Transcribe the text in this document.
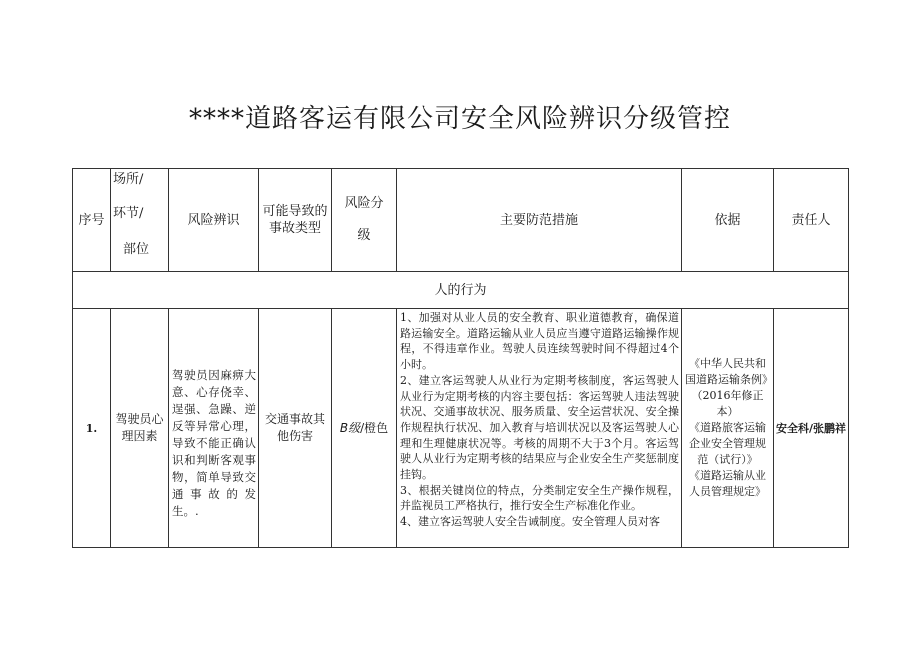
****道路客运有限公司安全风险辨识分级管控
序号
场所/
环节/
部位
风险辨识
可能导致的
事故类型
风险分
级
主要防范措施	依据	责任人
人的行为
1.
驾驶员心理因素
驾驶员因麻痹大意、心存侥幸、逞强、急躁、逆反等异常心理，导致不能正确认识和判断客观事物，简单导致交通事故的发生。.
交通事故其他伤害
B级 /橙色
1、加强对从业人员的安全教育、职业道德教育，确保道路运输安全。道路运输从业人员应当遵守道路运输操作规程，不得违章作业。驾驶人员连续驾驶时间不得超过4个小时。
2、建立客运驾驶人从业行为定期考核制度，客运驾驶人从业行为定期考核的内容主要包括：客运驾驶人违法驾驶状况、交通事故状况、服务质量、安全运营状况、安全操作规程执行状况、加入教育与培训状况以及客运驾驶人心理和生理健康状况等。考核的周期不大于3个月。客运驾驶人从业行为定期考核的结果应与企业安全生产奖惩制度挂钩。
3、根据关键岗位的特点，分类制定安全生产操作规程，并监视员工严格执行，推行安全生产标准化作业。
4、建立客运驾驶人安全告诫制度。安全管理人员对客
《中华人民共和国道路运输条例》
（2016年修正本）
《道路旅客运输企业安全管理规范（试行）》
《道路运输从业人员管理规定》
安全科/张鹏祥
